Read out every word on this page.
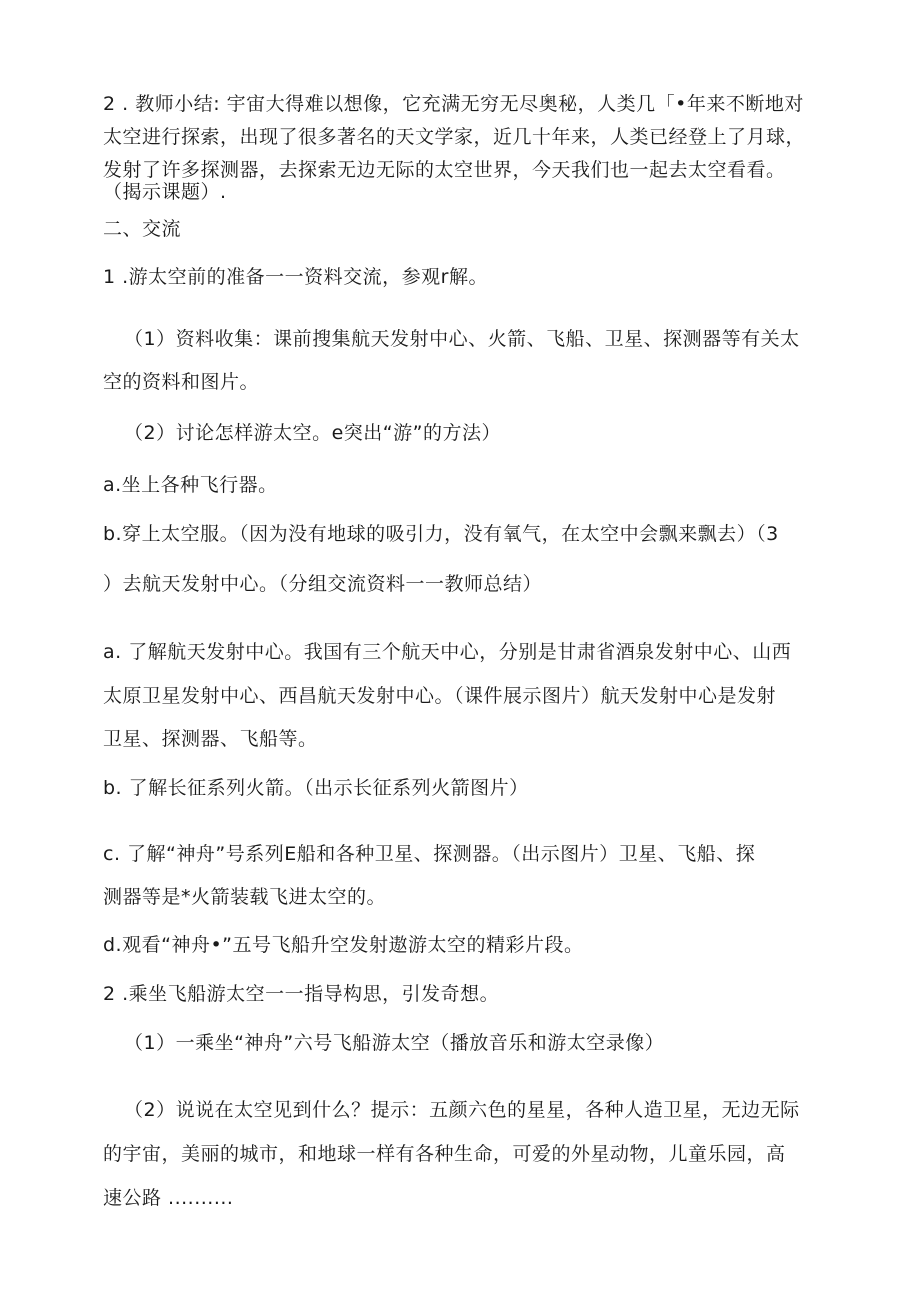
2 . 教师小结: 宇宙大得难以想像，它充满无穷无尽奥秘，人类几「•年来不断地对

太空进行探索，出现了很多著名的天文学家，近几十年来，人类已经登上了月球，

发射了许多探测器，去探索无边无际的太空世界，今天我们也一起去太空看看。

（揭示课题）.

二、交流

1 .游太空前的准备一一资料交流，参观r解。

（1）资料收集：课前搜集航天发射中心、火箭、飞船、卫星、探测器等有关太

空的资料和图片。

（2）讨论怎样游太空。e突出“游”的方法）

a.坐上各种飞行器。

b.穿上太空服。（因为没有地球的吸引力，没有氧气，在太空中会飘来飘去）（3

）去航天发射中心。（分组交流资料一一教师总结）

a. 了解航天发射中心。我国有三个航天中心，分别是甘肃省酒泉发射中心、山西

太原卫星发射中心、西昌航天发射中心。（课件展示图片）航天发射中心是发射

卫星、探测器、飞船等。

b. 了解长征系列火箭。（出示长征系列火箭图片）

c. 了解“神舟”号系列E船和各种卫星、探测器。（出示图片）卫星、飞船、探

测器等是*火箭装载飞进太空的。

d.观看“神舟•”五号飞船升空发射遨游太空的精彩片段。

2 .乘坐飞船游太空一一指导构思，引发奇想。

（1）一乘坐“神舟”六号飞船游太空（播放音乐和游太空录像）

（2）说说在太空见到什么？提示：五颜六色的星星，各种人造卫星，无边无际

的宇宙，美丽的城市，和地球一样有各种生命，可爱的外星动物，儿童乐园，高

速公路 ..........
